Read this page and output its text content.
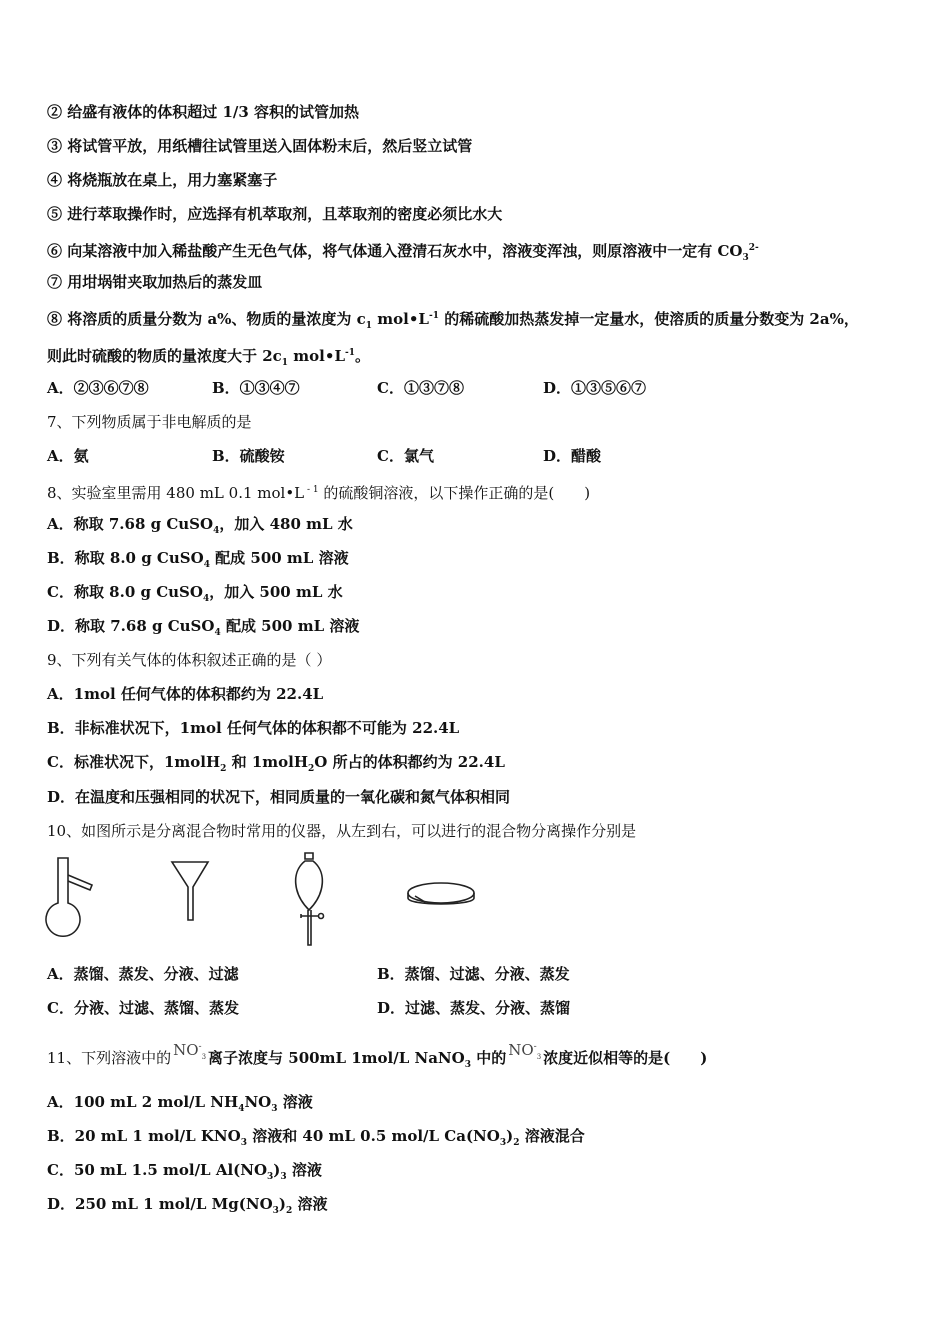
② 给盛有液体的体积超过 1/3 容积的试管加热
③ 将试管平放，用纸槽往试管里送入固体粉末后，然后竖立试管
④ 将烧瓶放在桌上，用力塞紧塞子
⑤ 进行萃取操作时，应选择有机萃取剂，且萃取剂的密度必须比水大
⑥ 向某溶液中加入稀盐酸产生无色气体，将气体通入澄清石灰水中，溶液变浑浊，则原溶液中一定有 $CO_3^{2-}$
⑦ 用坩埚钳夹取加热后的蒸发皿
⑧ 将溶质的质量分数为 a%、物质的量浓度为 $c_1$ $mol•L^{-1}$ 的稀硫酸加热蒸发掉一定量水，使溶质的质量分数变为 2a%，
则此时硫酸的物质的量浓度大于 $2c_1$ $mol•L^{-1}$。
A．②③⑥⑦⑧	B．①③④⑦	C．①③⑦⑧	D．①③⑤⑥⑦
7、下列物质属于非电解质的是
A．氨	B．硫酸铵	C．氯气	D．醋酸
8、实验室里需用 480 mL 0.1 mol•L $^{- 1}$ 的硫酸铜溶液，以下操作正确的是(　　)
A．称取 7.68 g CuSO$_4$，加入 480 mL 水
B．称取 8.0 g CuSO$_4$ 配成 500 mL 溶液
C．称取 8.0 g CuSO$_4$，加入 500 mL 水
D．称取 7.68 g CuSO$_4$ 配成 500 mL 溶液
9、下列有关气体的体积叙述正确的是（ ）
A．1mol 任何气体的体积都约为 22.4L
B．非标准状况下，1mol 任何气体的体积都不可能为 22.4L
C．标准状况下，1molH$_2$ 和 1molH$_2$O 所占的体积都约为 22.4L
D．在温度和压强相同的状况下，相同质量的一氧化碳和氮气体积相同
10、如图所示是分离混合物时常用的仪器，从左到右，可以进行的混合物分离操作分别是
A．蒸馏、蒸发、分液、过滤	B．蒸馏、过滤、分液、蒸发
C．分液、过滤、蒸馏、蒸发	D．过滤、蒸发、分液、蒸馏
11、下列溶液中的 $NO^-_3$ 离子浓度与 500mL 1mol/L NaNO$_3$ 中的 $NO^-_3$ 浓度近似相等的是(　　)
A．100 mL 2 mol/L $NH_4NO_3$ 溶液
B．20 mL 1 mol/L $KNO_3$ 溶液和 40 mL 0.5 mol/L $Ca(NO_3)_2$ 溶液混合
C．50 mL 1.5 mol/L $Al(NO_3)_3$ 溶液
D．250 mL 1 mol/L $Mg(NO_3)_2$ 溶液
